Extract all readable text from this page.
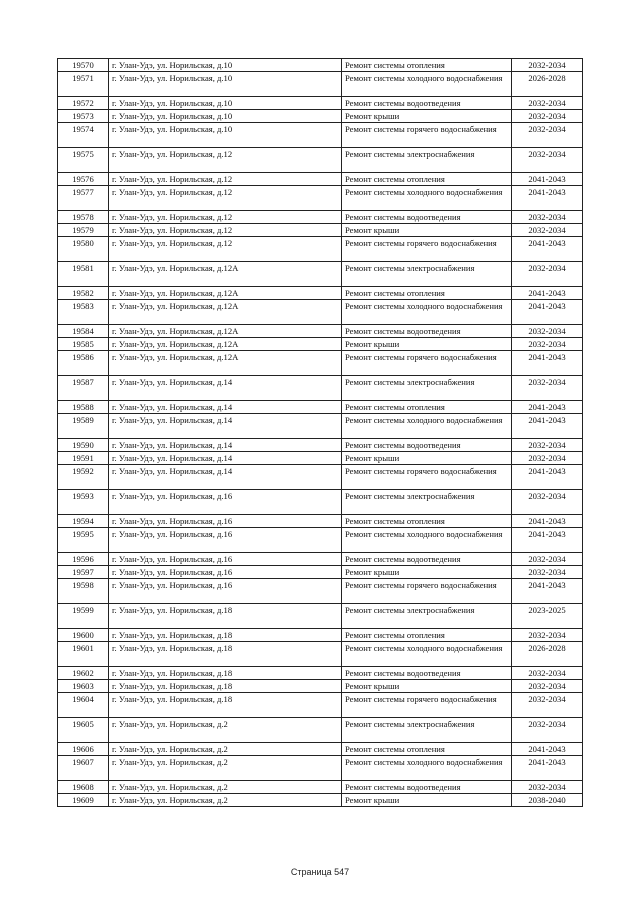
19570	г. Улан-Удэ, ул. Норильская, д.10	Ремонт системы отопления	2032-2034
19571	г. Улан-Удэ, ул. Норильская, д.10	Ремонт системы холодного водоснабжения	2026-2028
19572	г. Улан-Удэ, ул. Норильская, д.10	Ремонт системы водоотведения	2032-2034
19573	г. Улан-Удэ, ул. Норильская, д.10	Ремонт крыши	2032-2034
19574	г. Улан-Удэ, ул. Норильская, д.10	Ремонт системы горячего водоснабжения	2032-2034
19575	г. Улан-Удэ, ул. Норильская, д.12	Ремонт системы электроснабжения	2032-2034
19576	г. Улан-Удэ, ул. Норильская, д.12	Ремонт системы отопления	2041-2043
19577	г. Улан-Удэ, ул. Норильская, д.12	Ремонт системы холодного водоснабжения	2041-2043
19578	г. Улан-Удэ, ул. Норильская, д.12	Ремонт системы водоотведения	2032-2034
19579	г. Улан-Удэ, ул. Норильская, д.12	Ремонт крыши	2032-2034
19580	г. Улан-Удэ, ул. Норильская, д.12	Ремонт системы горячего водоснабжения	2041-2043
19581	г. Улан-Удэ, ул. Норильская, д.12А	Ремонт системы электроснабжения	2032-2034
19582	г. Улан-Удэ, ул. Норильская, д.12А	Ремонт системы отопления	2041-2043
19583	г. Улан-Удэ, ул. Норильская, д.12А	Ремонт системы холодного водоснабжения	2041-2043
19584	г. Улан-Удэ, ул. Норильская, д.12А	Ремонт системы водоотведения	2032-2034
19585	г. Улан-Удэ, ул. Норильская, д.12А	Ремонт крыши	2032-2034
19586	г. Улан-Удэ, ул. Норильская, д.12А	Ремонт системы горячего водоснабжения	2041-2043
19587	г. Улан-Удэ, ул. Норильская, д.14	Ремонт системы электроснабжения	2032-2034
19588	г. Улан-Удэ, ул. Норильская, д.14	Ремонт системы отопления	2041-2043
19589	г. Улан-Удэ, ул. Норильская, д.14	Ремонт системы холодного водоснабжения	2041-2043
19590	г. Улан-Удэ, ул. Норильская, д.14	Ремонт системы водоотведения	2032-2034
19591	г. Улан-Удэ, ул. Норильская, д.14	Ремонт крыши	2032-2034
19592	г. Улан-Удэ, ул. Норильская, д.14	Ремонт системы горячего водоснабжения	2041-2043
19593	г. Улан-Удэ, ул. Норильская, д.16	Ремонт системы электроснабжения	2032-2034
19594	г. Улан-Удэ, ул. Норильская, д.16	Ремонт системы отопления	2041-2043
19595	г. Улан-Удэ, ул. Норильская, д.16	Ремонт системы холодного водоснабжения	2041-2043
19596	г. Улан-Удэ, ул. Норильская, д.16	Ремонт системы водоотведения	2032-2034
19597	г. Улан-Удэ, ул. Норильская, д.16	Ремонт крыши	2032-2034
19598	г. Улан-Удэ, ул. Норильская, д.16	Ремонт системы горячего водоснабжения	2041-2043
19599	г. Улан-Удэ, ул. Норильская, д.18	Ремонт системы электроснабжения	2023-2025
19600	г. Улан-Удэ, ул. Норильская, д.18	Ремонт системы отопления	2032-2034
19601	г. Улан-Удэ, ул. Норильская, д.18	Ремонт системы холодного водоснабжения	2026-2028
19602	г. Улан-Удэ, ул. Норильская, д.18	Ремонт системы водоотведения	2032-2034
19603	г. Улан-Удэ, ул. Норильская, д.18	Ремонт крыши	2032-2034
19604	г. Улан-Удэ, ул. Норильская, д.18	Ремонт системы горячего водоснабжения	2032-2034
19605	г. Улан-Удэ, ул. Норильская, д.2	Ремонт системы электроснабжения	2032-2034
19606	г. Улан-Удэ, ул. Норильская, д.2	Ремонт системы отопления	2041-2043
19607	г. Улан-Удэ, ул. Норильская, д.2	Ремонт системы холодного водоснабжения	2041-2043
19608	г. Улан-Удэ, ул. Норильская, д.2	Ремонт системы водоотведения	2032-2034
19609	г. Улан-Удэ, ул. Норильская, д.2	Ремонт крыши	2038-2040
Страница 547
